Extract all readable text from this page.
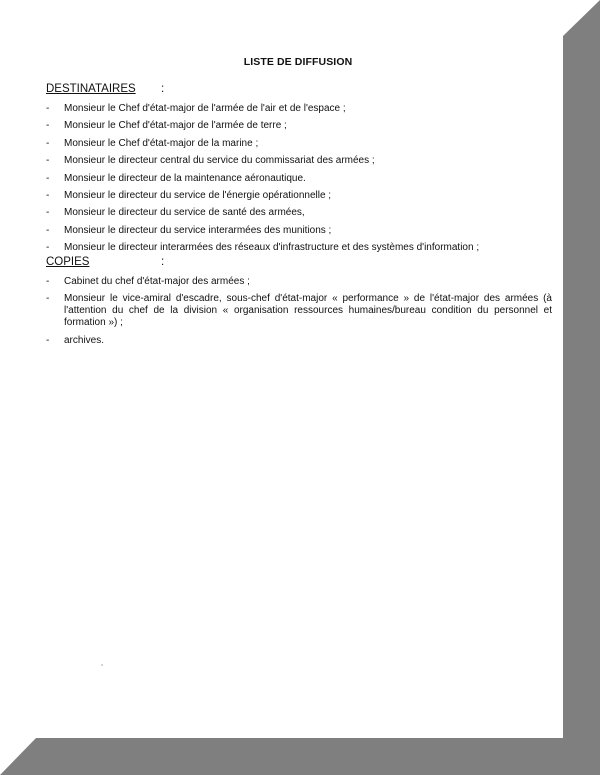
LISTE DE DIFFUSION
DESTINATAIRES :
- Monsieur le Chef d'état-major de l'armée de l'air et de l'espace ;
- Monsieur le Chef d'état-major de l'armée de terre ;
- Monsieur le Chef d'état-major de la marine ;
- Monsieur le directeur central du service du commissariat des armées ;
- Monsieur le directeur de la maintenance aéronautique.
- Monsieur le directeur du service de l'énergie opérationnelle ;
- Monsieur le directeur du service de santé des armées,
- Monsieur le directeur du service interarmées des munitions ;
- Monsieur le directeur interarmées des réseaux d'infrastructure et des systèmes d'information ;
COPIES	:
- Cabinet du chef d'état-major des armées ;
- Monsieur le vice-amiral d'escadre, sous-chef d'état-major « performance » de l'état-major des armées (à l'attention du chef de la division « organisation ressources humaines/bureau condition du personnel et formation ») ;
- archives.
